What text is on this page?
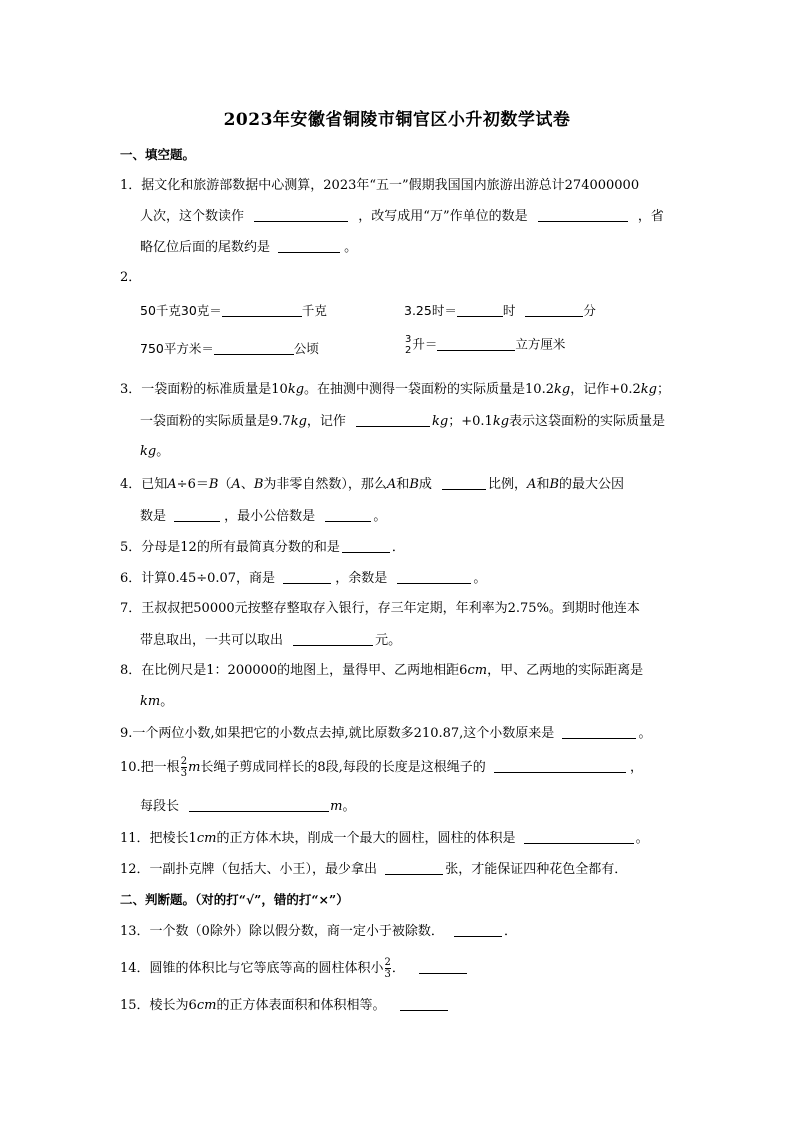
2023年安徽省铜陵市铜官区小升初数学试卷
一、填空题。
1．据文化和旅游部数据中心测算，2023年“五一”假期我国国内旅游出游总计274000000
人次，这个数读作	，改写成用“万”作单位的数是	，省
略亿位后面的尾数约是	。
2．
50千克30克＝	千克	3.25时＝	时	分
750平方米＝	公顷
3
2 升＝	立方厘米
3．一袋面粉的标准质量是10kg。在抽测中测得一袋面粉的实际质量是10.2kg，记作+0.2kg；
一袋面粉的实际质量是9.7kg，记作	kg；+0.1kg表示这袋面粉的实际质量是
kg。
4．已知A÷6＝B（A、B为非零自然数），那么A和B成	比例，A和B的最大公因
数是	，最小公倍数是	。
5．分母是12的所有最简真分数的和是	．
6．计算0.45÷0.07，商是	，余数是	。
7．王叔叔把50000元按整存整取存入银行，存三年定期，年利率为2.75%。到期时他连本
带息取出，一共可以取出	元。
8．在比例尺是1：200000的地图上，量得甲、乙两地相距6cm，甲、乙两地的实际距离是
km。
9.一个两位小数,如果把它的小数点去掉,就比原数多210.87,这个小数原来是	。
10.把一根 $\frac{2}{3}$ m长绳子剪成同样长的8段,每段的长度是这根绳子的	，
每段长	m。
11．把棱长1cm的正方体木块，削成一个最大的圆柱，圆柱的体积是	。
12．一副扑克牌（包括大、小王），最少拿出	张，才能保证四种花色全都有．
二、判断题。（对的打“√”，错的打“×”）
13．一个数（0除外）除以假分数，商一定小于被除数．	．
14．圆锥的体积比与它等底等高的圆柱体积小 $\frac{2}{3}$ ．
15．棱长为6cm的正方体表面积和体积相等。
